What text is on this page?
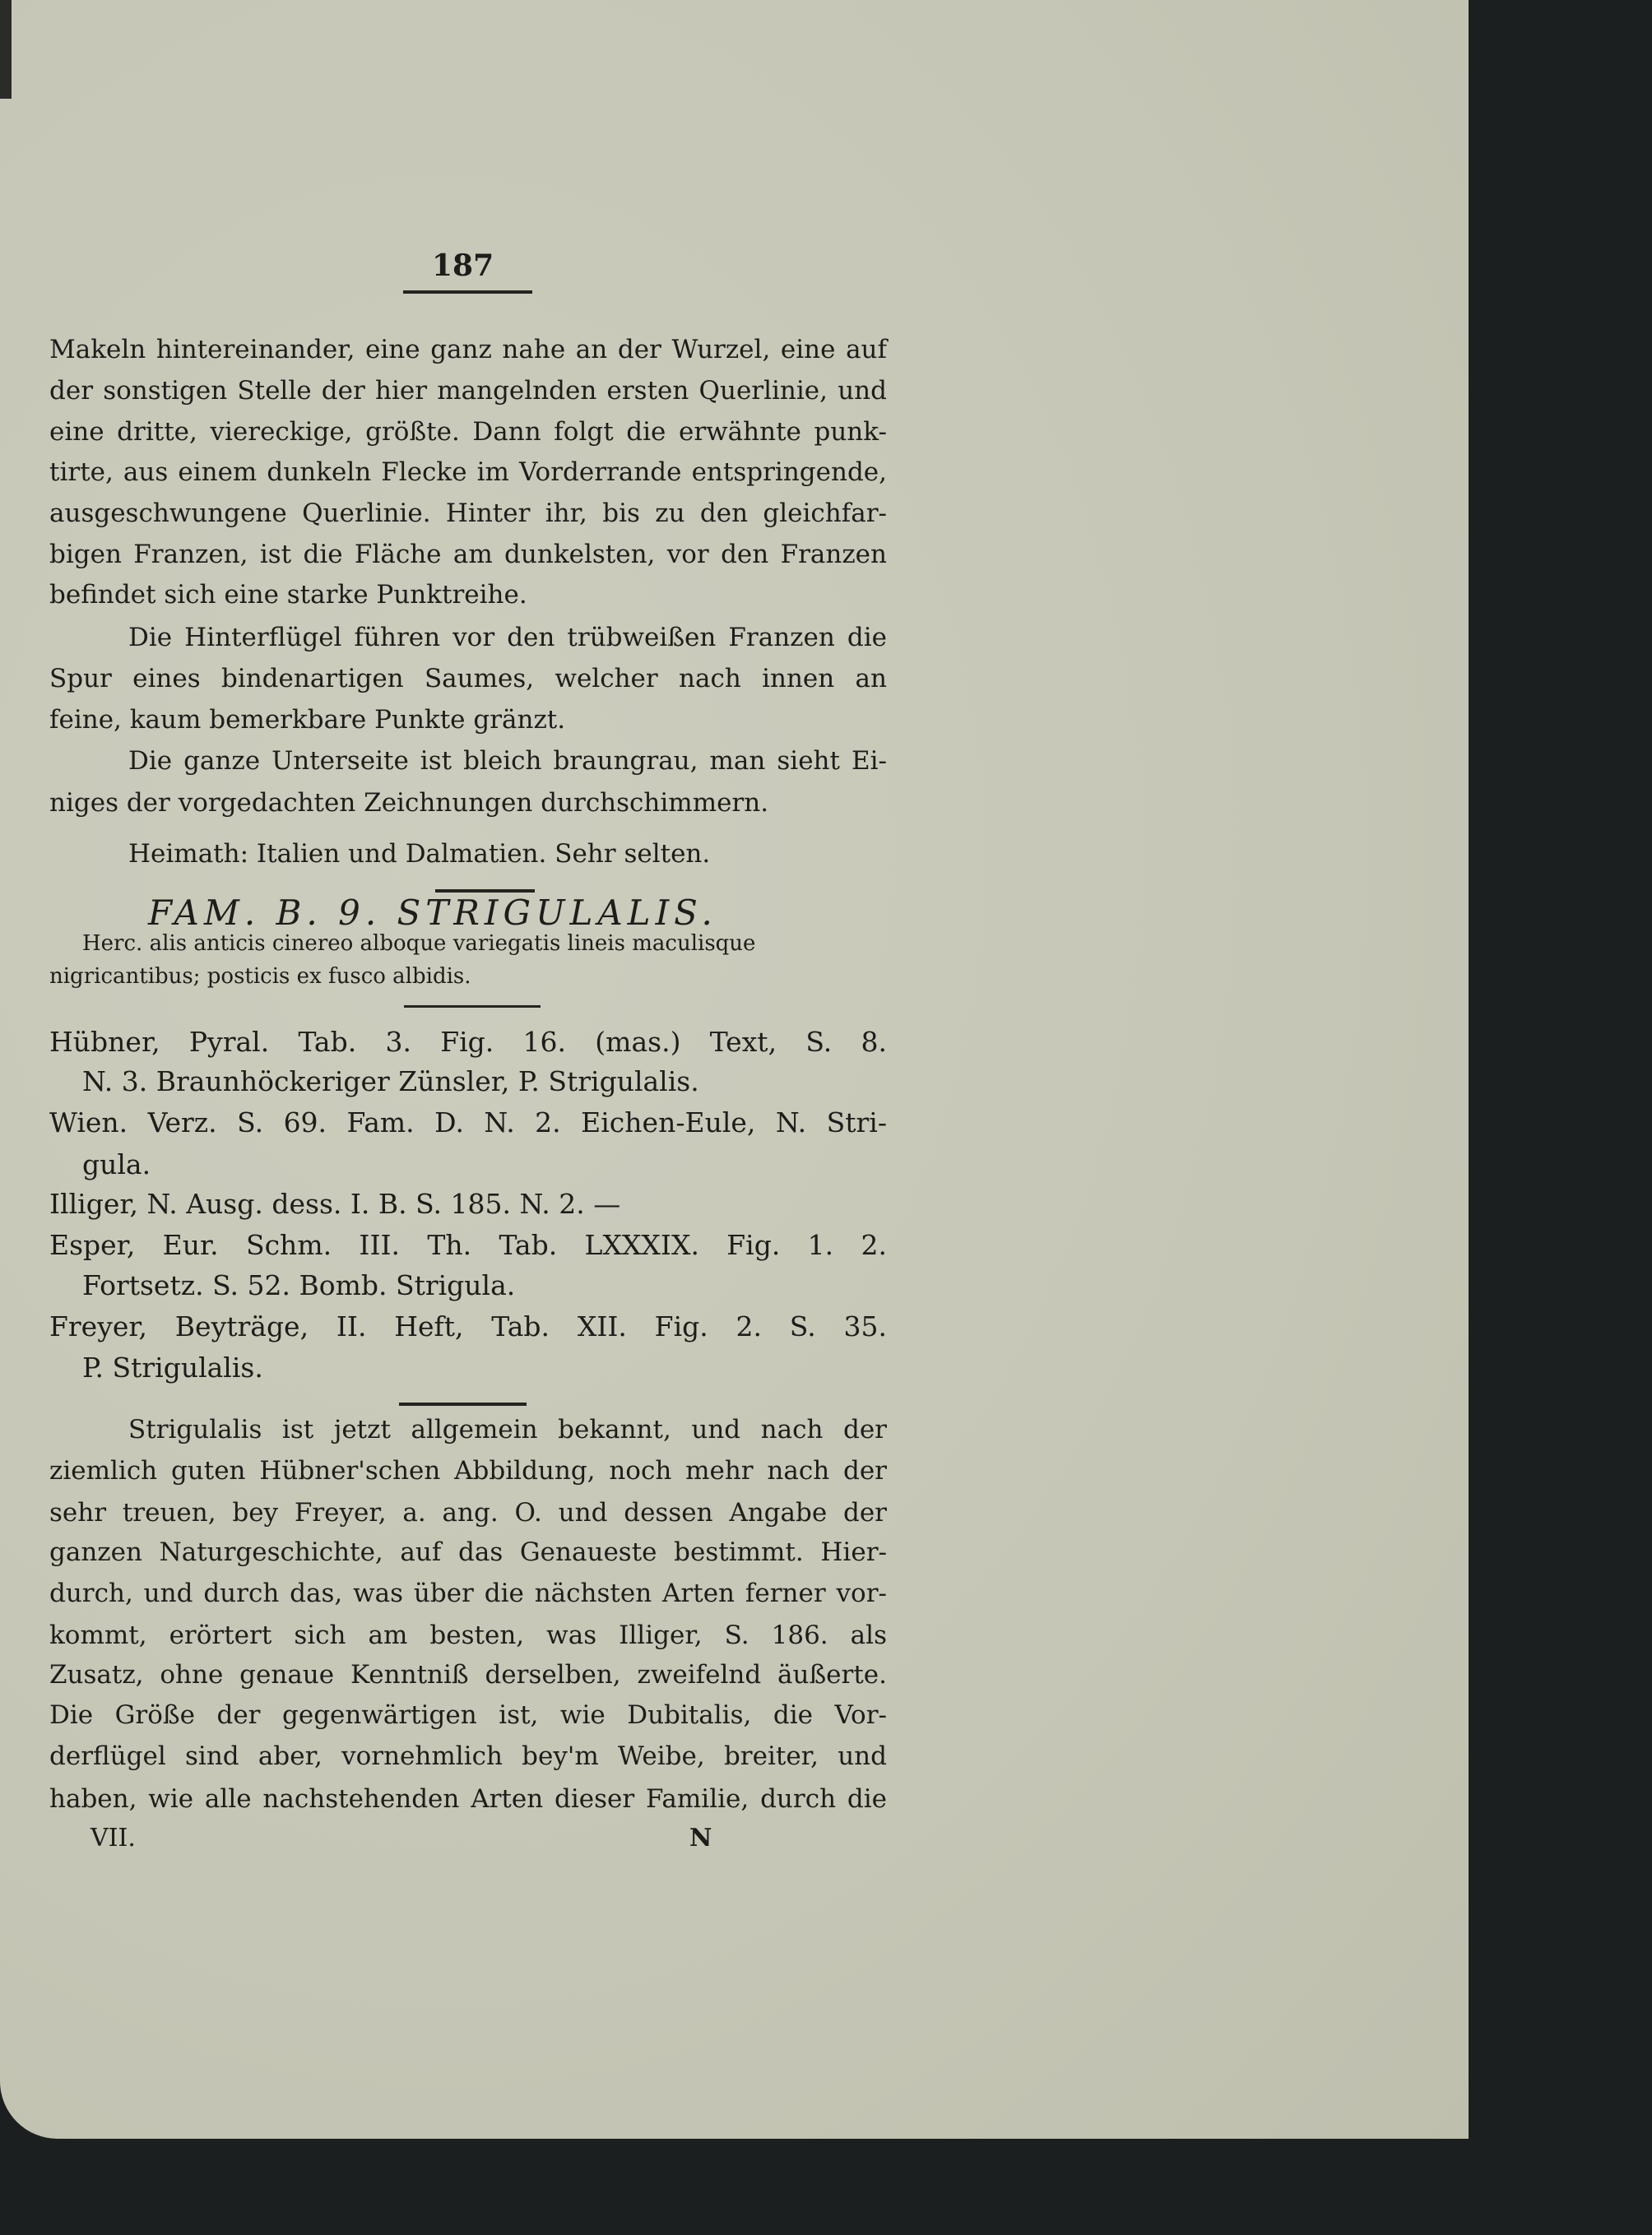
187
Makeln hintereinander, eine ganz nahe an der Wurzel, eine auf
der sonstigen Stelle der hier mangelnden ersten Querlinie, und
eine dritte, viereckige, größte. Dann folgt die erwähnte punk-
tirte, aus einem dunkeln Flecke im Vorderrande entspringende,
ausgeschwungene Querlinie. Hinter ihr, bis zu den gleichfar-
bigen Franzen, ist die Fläche am dunkelsten, vor den Franzen
befindet sich eine starke Punktreihe.
Die Hinterflügel führen vor den trübweißen Franzen die
Spur eines bindenartigen Saumes, welcher nach innen an
feine, kaum bemerkbare Punkte gränzt.
Die ganze Unterseite ist bleich braungrau, man sieht Ei-
niges der vorgedachten Zeichnungen durchschimmern.
Heimath: Italien und Dalmatien. Sehr selten.
FAM. B. 9. STRIGULALIS.
Herc. alis anticis cinereo alboque variegatis lineis maculisque
nigricantibus; posticis ex fusco albidis.
Hübner, Pyral. Tab. 3. Fig. 16. (mas.) Text, S. 8.
N. 3. Braunhöckeriger Zünsler, P. Strigulalis.
Wien. Verz. S. 69. Fam. D. N. 2. Eichen-Eule, N. Stri-
gula.
Illiger, N. Ausg. dess. I. B. S. 185. N. 2. —
Esper, Eur. Schm. III. Th. Tab. LXXXIX. Fig. 1. 2.
Fortsetz. S. 52. Bomb. Strigula.
Freyer, Beyträge, II. Heft, Tab. XII. Fig. 2. S. 35.
P. Strigulalis.
Strigulalis ist jetzt allgemein bekannt, und nach der
ziemlich guten Hübner'schen Abbildung, noch mehr nach der
sehr treuen, bey Freyer, a. ang. O. und dessen Angabe der
ganzen Naturgeschichte, auf das Genaueste bestimmt. Hier-
durch, und durch das, was über die nächsten Arten ferner vor-
kommt, erörtert sich am besten, was Illiger, S. 186. als
Zusatz, ohne genaue Kenntniß derselben, zweifelnd äußerte.
Die Größe der gegenwärtigen ist, wie Dubitalis, die Vor-
derflügel sind aber, vornehmlich bey'm Weibe, breiter, und
haben, wie alle nachstehenden Arten dieser Familie, durch die
VII.	N
